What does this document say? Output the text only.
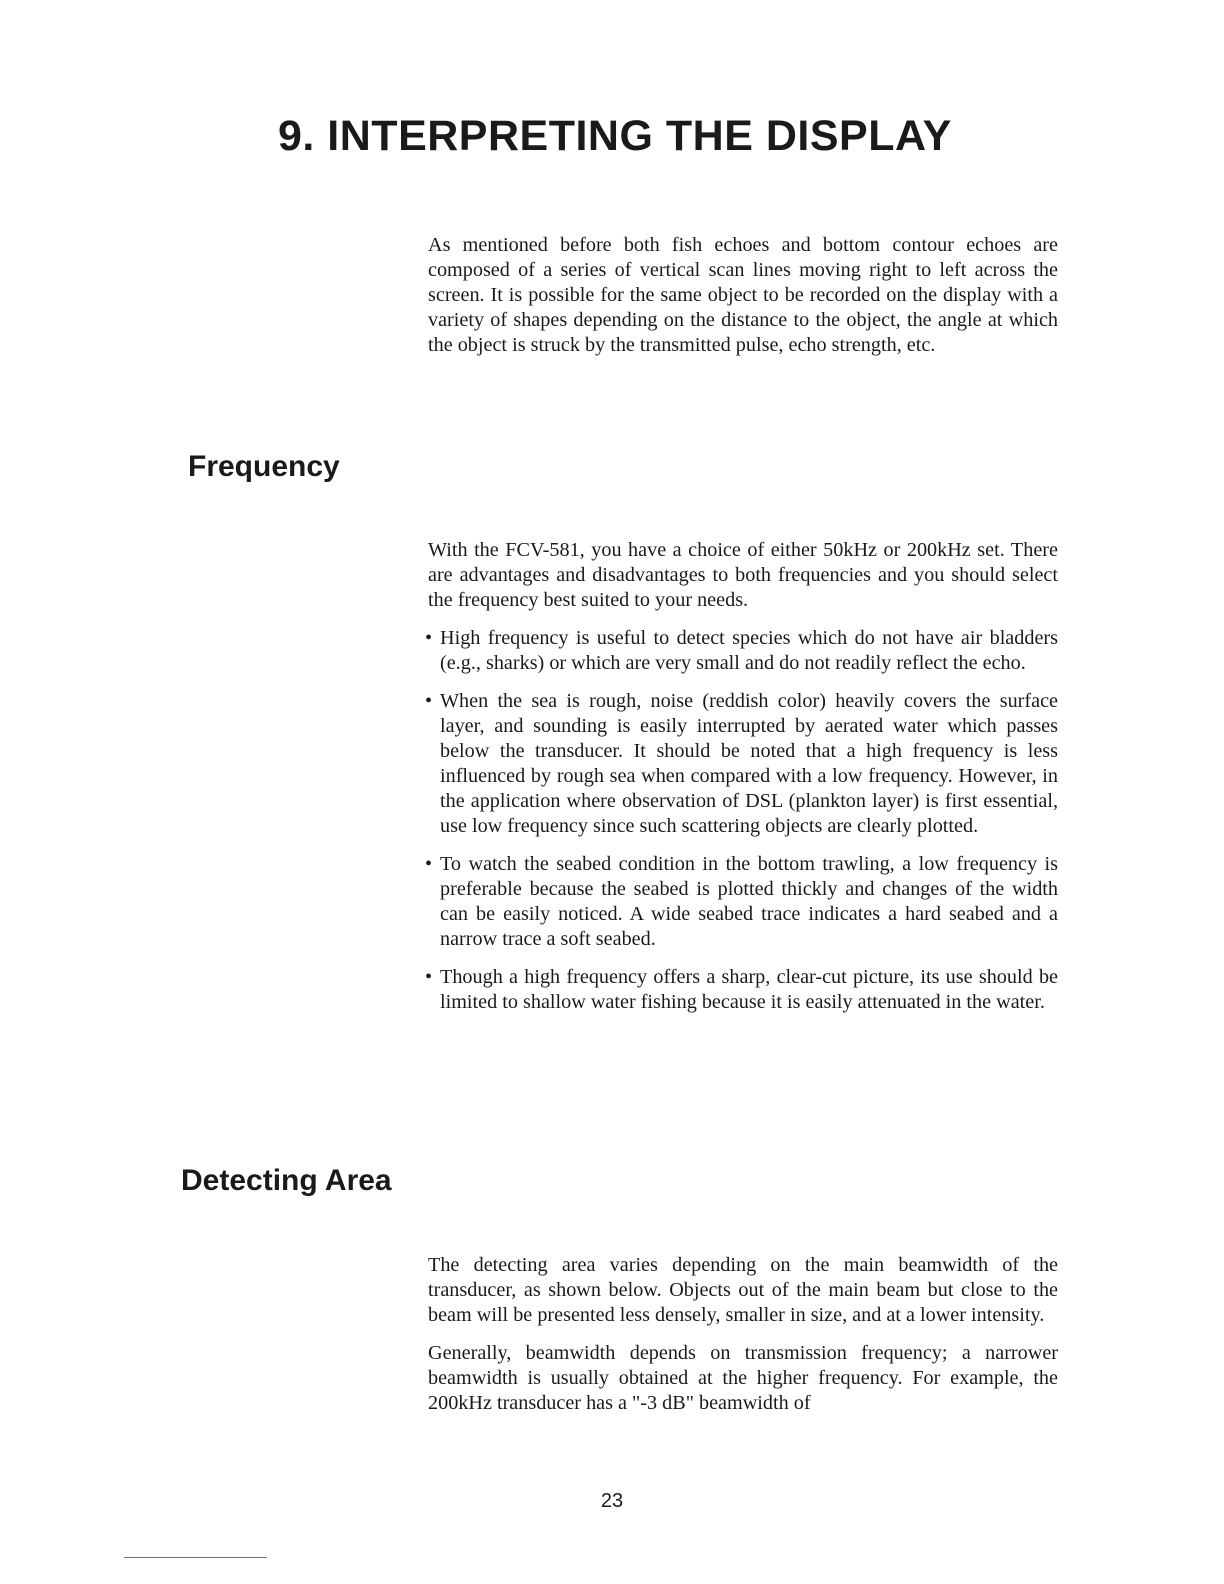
9. INTERPRETING THE DISPLAY

As mentioned before both fish echoes and bottom contour echoes are composed of a series of vertical scan lines moving right to left across the screen. It is possible for the same object to be recorded on the display with a variety of shapes depending on the distance to the object, the angle at which the object is struck by the transmitted pulse, echo strength, etc.

Frequency

With the FCV-581, you have a choice of either 50kHz or 200kHz set. There are advantages and disadvantages to both frequencies and you should select the frequency best suited to your needs.

• High frequency is useful to detect species which do not have air bladders (e.g., sharks) or which are very small and do not readily reflect the echo.
• When the sea is rough, noise (reddish color) heavily covers the surface layer, and sounding is easily interrupted by aerated water which passes below the transducer. It should be noted that a high frequency is less influenced by rough sea when compared with a low frequency. However, in the application where observation of DSL (plankton layer) is first essential, use low frequency since such scattering objects are clearly plotted.
• To watch the seabed condition in the bottom trawling, a low frequency is preferable because the seabed is plotted thickly and changes of the width can be easily noticed. A wide seabed trace indicates a hard seabed and a narrow trace a soft seabed.
• Though a high frequency offers a sharp, clear-cut picture, its use should be limited to shallow water fishing because it is easily attenuated in the water.
Detecting Area

The detecting area varies depending on the main beamwidth of the transducer, as shown below. Objects out of the main beam but close to the beam will be presented less densely, smaller in size, and at a lower intensity.

Generally, beamwidth depends on transmission frequency; a narrower beamwidth is usually obtained at the higher frequency. For example, the 200kHz transducer has a "-3 dB" beamwidth of

23
